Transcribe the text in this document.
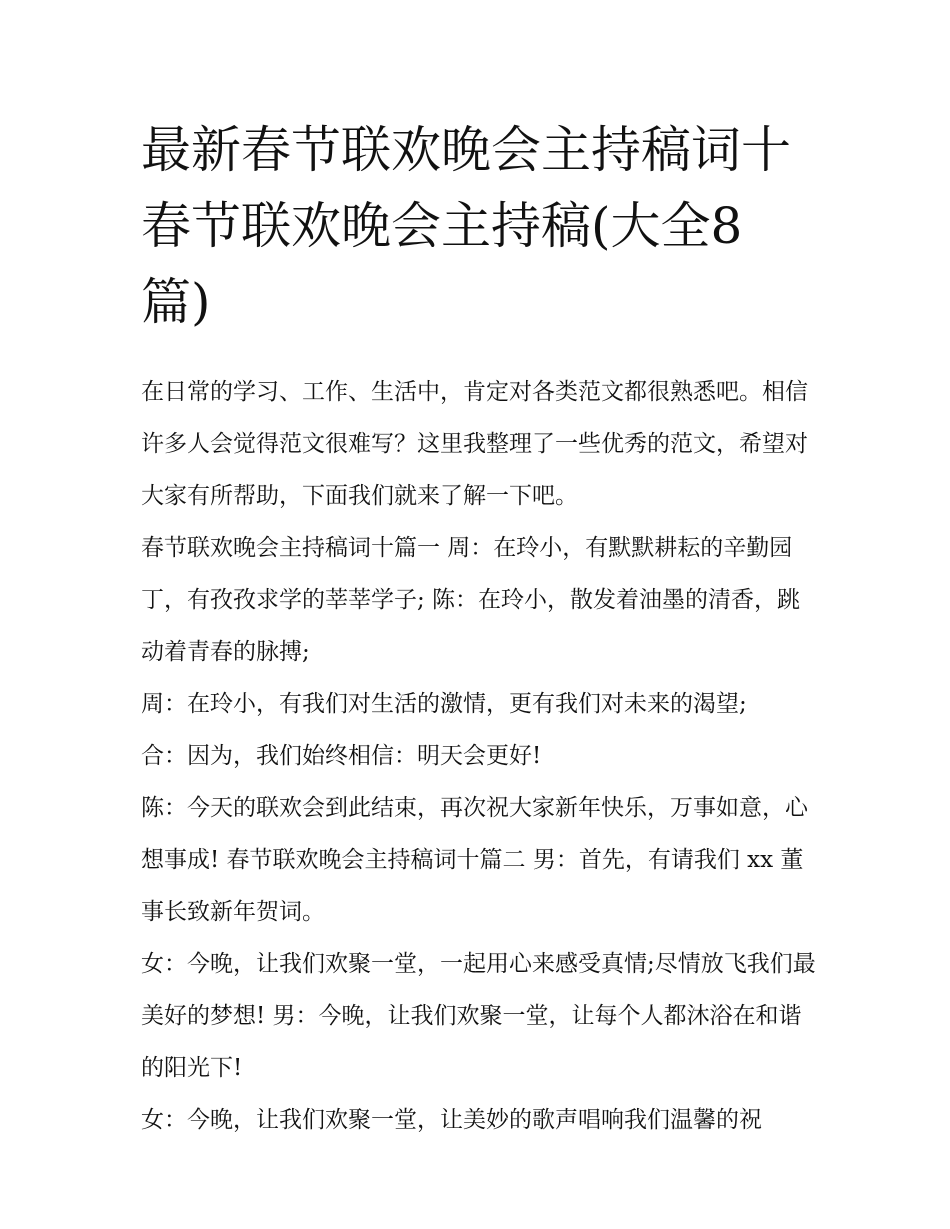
最新春节联欢晚会主持稿词十
春节联欢晚会主持稿(大全8
篇)

在日常的学习、工作、生活中，肯定对各类范文都很熟悉吧。相信许多人会觉得范文很难写？这里我整理了一些优秀的范文，希望对大家有所帮助，下面我们就来了解一下吧。

春节联欢晚会主持稿词十篇一 周：在玲小，有默默耕耘的辛勤园丁，有孜孜求学的莘莘学子; 陈：在玲小，散发着油墨的清香，跳动着青春的脉搏;

周：在玲小，有我们对生活的激情，更有我们对未来的渴望;

合：因为，我们始终相信：明天会更好!

陈：今天的联欢会到此结束，再次祝大家新年快乐，万事如意，心想事成! 春节联欢晚会主持稿词十篇二 男：首先，有请我们 xx 董事长致新年贺词。

女：今晚，让我们欢聚一堂，一起用心来感受真情;尽情放飞我们最美好的梦想! 男：今晚，让我们欢聚一堂，让每个人都沐浴在和谐的阳光下!

女：今晚，让我们欢聚一堂，让美妙的歌声唱响我们温馨的祝
